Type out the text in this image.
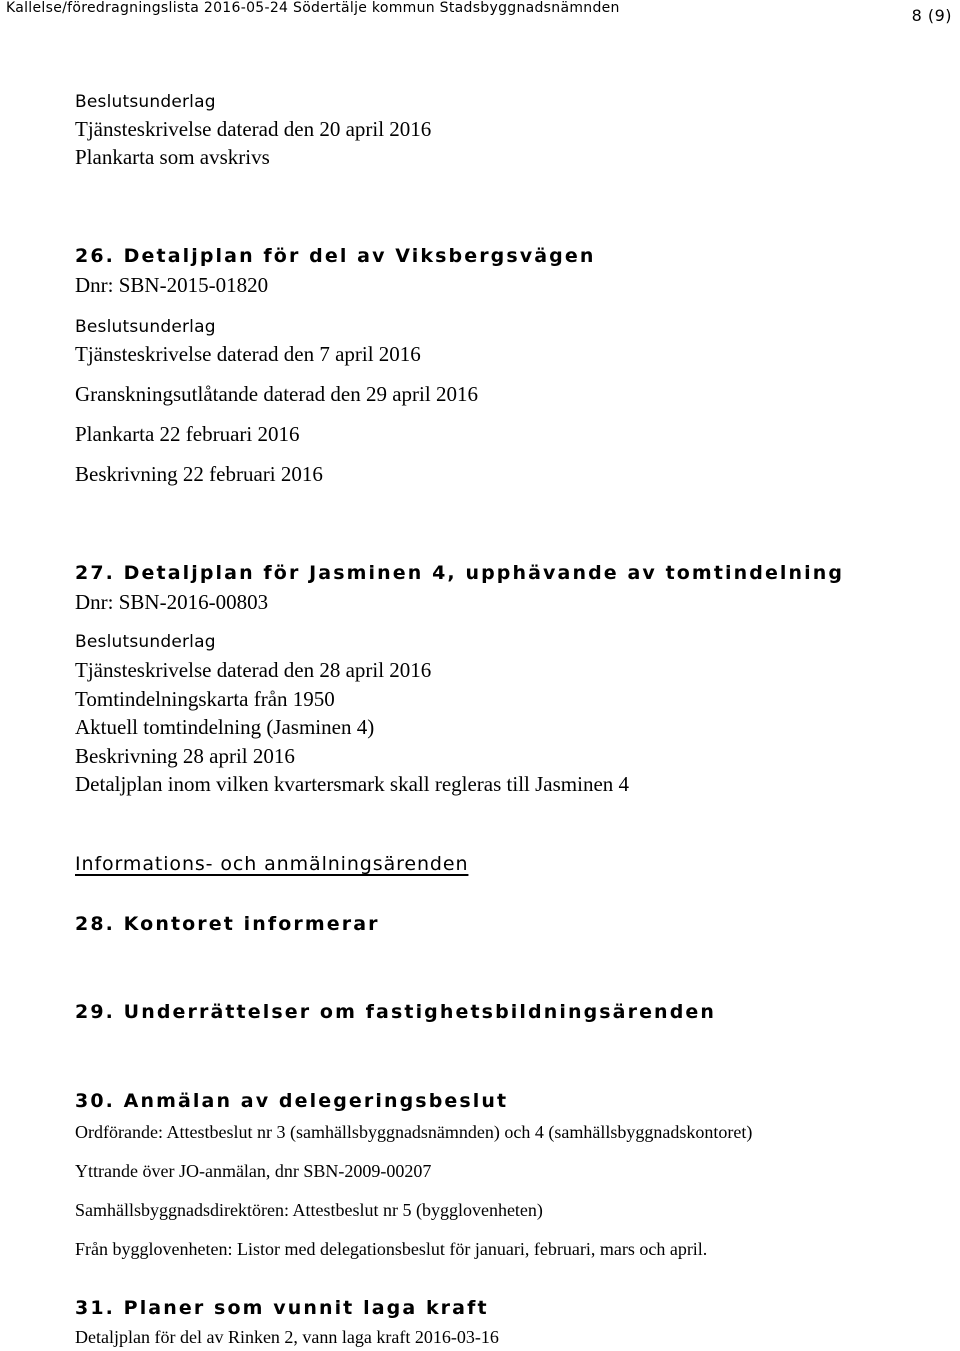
Kallelse/föredragningslista 2016-05-24 Södertälje kommun Stadsbyggnadsnämnden	8 (9)

Beslutsunderlag

Tjänsteskrivelse daterad den 20 april 2016

Plankarta som avskrivs

26. Detaljplan för del av Viksbergsvägen

Dnr: SBN-2015-01820

Beslutsunderlag

Tjänsteskrivelse daterad den 7 april 2016

Granskningsutlåtande daterad den 29 april 2016

Plankarta 22 februari 2016

Beskrivning 22 februari 2016

27. Detaljplan för Jasminen 4, upphävande av tomtindelning

Dnr: SBN-2016-00803

Beslutsunderlag

Tjänsteskrivelse daterad den 28 april 2016

Tomtindelningskarta från 1950

Aktuell tomtindelning (Jasminen 4)

Beskrivning 28 april 2016

Detaljplan inom vilken kvartersmark skall regleras till Jasminen 4

Informations- och anmälningsärenden

28. Kontoret informerar
29. Underrättelser om fastighetsbildningsärenden
30. Anmälan av delegeringsbeslut

Ordförande: Attestbeslut nr 3 (samhällsbyggnadsnämnden) och 4 (samhällsbyggnadskontoret)

Yttrande över JO-anmälan, dnr SBN-2009-00207

Samhällsbyggnadsdirektören: Attestbeslut nr 5 (bygglovenheten)

Från bygglovenheten: Listor med delegationsbeslut för januari, februari, mars och april.

31. Planer som vunnit laga kraft

Detaljplan för del av Rinken 2, vann laga kraft 2016-03-16
